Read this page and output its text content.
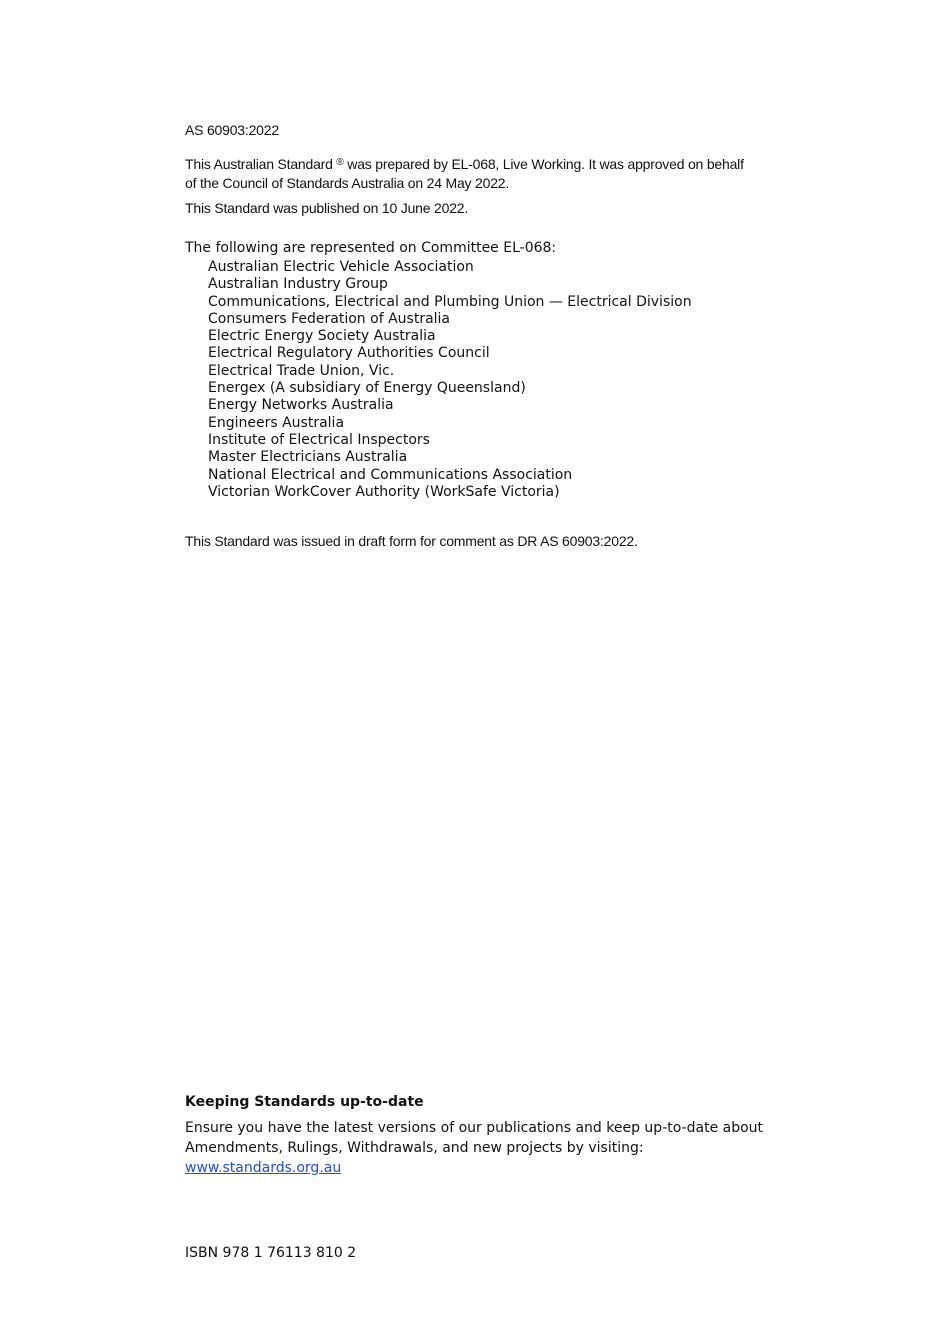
AS 60903:2022
This Australian Standard ® was prepared by EL-068, Live Working. It was approved on behalf of the Council of Standards Australia on 24 May 2022.
This Standard was published on 10 June 2022.
The following are represented on Committee EL-068:
Australian Electric Vehicle Association
Australian Industry Group
Communications, Electrical and Plumbing Union — Electrical Division
Consumers Federation of Australia
Electric Energy Society Australia
Electrical Regulatory Authorities Council
Electrical Trade Union, Vic.
Energex (A subsidiary of Energy Queensland)
Energy Networks Australia
Engineers Australia
Institute of Electrical Inspectors
Master Electricians Australia
National Electrical and Communications Association
Victorian WorkCover Authority (WorkSafe Victoria)
This Standard was issued in draft form for comment as DR AS 60903:2022.
Keeping Standards up-to-date
Ensure you have the latest versions of our publications and keep up-to-date about Amendments, Rulings, Withdrawals, and new projects by visiting:
www.standards.org.au
ISBN 978 1 76113 810 2
